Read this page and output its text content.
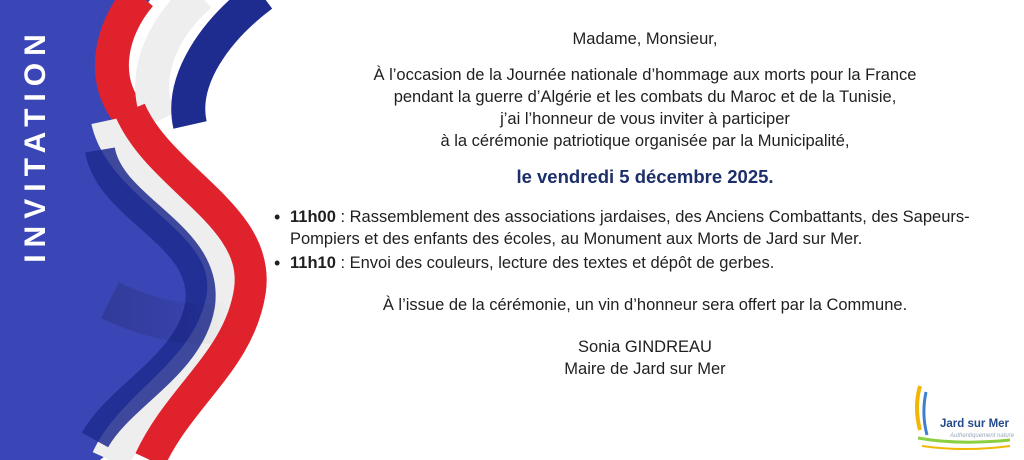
INVITATION	Madame, Monsieur,

À l’occasion de la Journée nationale d’hommage aux morts pour la France

pendant la guerre d’Algérie et les combats du Maroc et de la Tunisie,

j’ai l’honneur de vous inviter à participer

à la cérémonie patriotique organisée par la Municipalité,

le vendredi 5 décembre 2025.

• 11h00 : Rassemblement des associations jardaises, des Anciens Combattants, des Sapeurs-Pompiers et des enfants des écoles, au Monument aux Morts de Jard sur Mer.
• 11h10 : Envoi des couleurs, lecture des textes et dépôt de gerbes.

À l’issue de la cérémonie, un vin d’honneur sera offert par la Commune.

Sonia GINDREAU

Maire de Jard sur Mer

Jard sur Mer
Authentiquement nature
